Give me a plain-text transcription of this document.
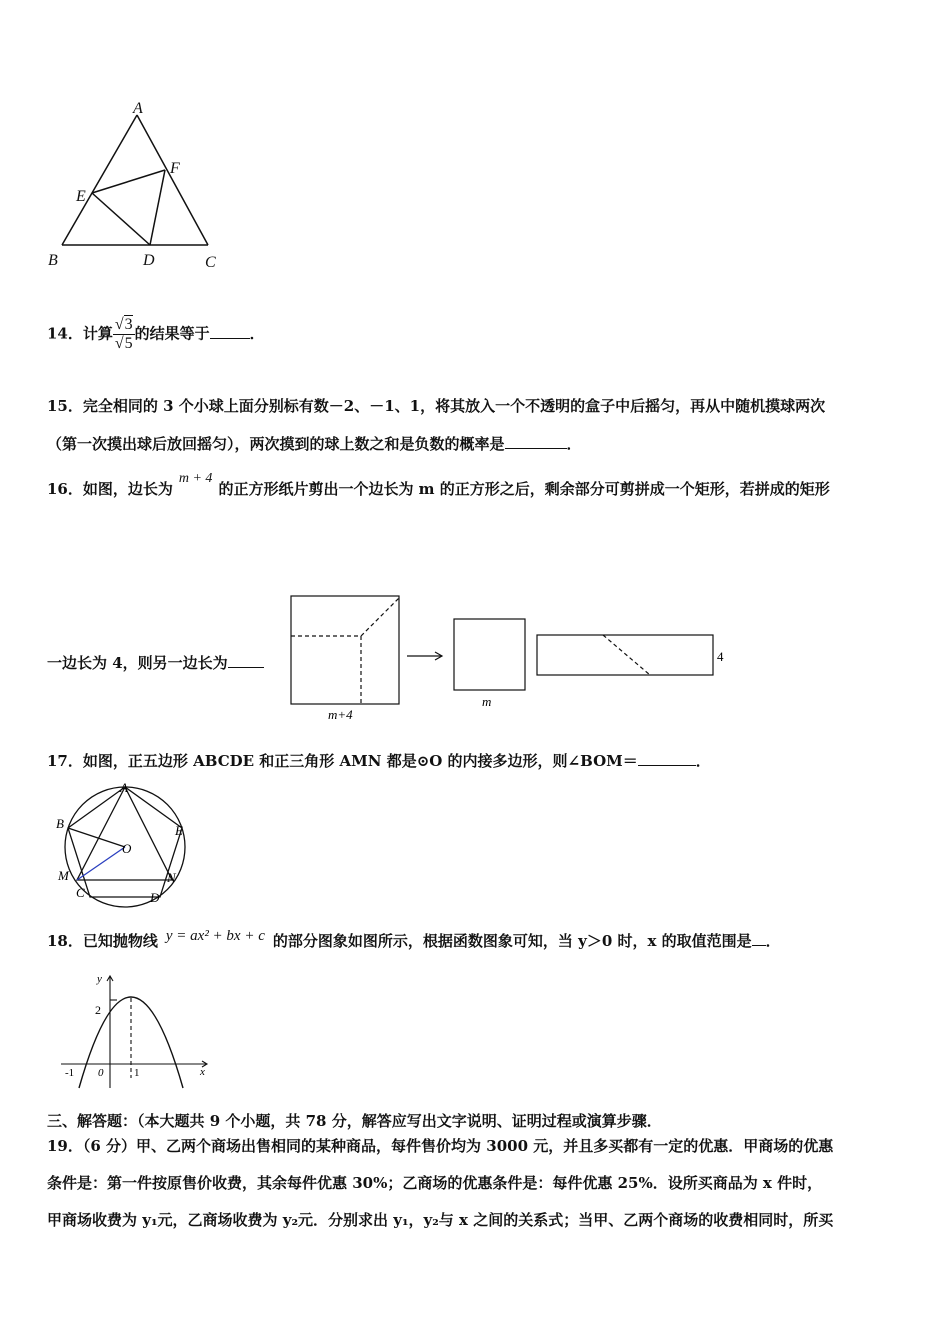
A
B	C
D
E
F
14．计算 $\frac{√3}{√5}$ 的结果等于	．
15．完全相同的 3 个小球上面分别标有数－2、－1、1，将其放入一个不透明的盒子中后摇匀，再从中随机摸球两次
（第一次摸出球后放回摇匀），两次摸到的球上数之和是负数的概率是	．
16．如图，边长为m + 4的正方形纸片剪出一个边长为 m 的正方形之后，剩余部分可剪拼成一个矩形，若拼成的矩形
一边长为 4，则另一边长为
m+4
m
4
17．如图，正五边形 ABCDE 和正三角形 AMN 都是⊙O 的内接多边形，则∠BOM＝	．
A
B
C	D
E
M	N
O
18．已知抛物线 y = ax² + bx + c 的部分图象如图所示，根据函数图象可知，当 y＞0 时，x 的取值范围是 ．
y
x
2
-1 0	1
三、解答题：（本大题共 9 个小题，共 78 分，解答应写出文字说明、证明过程或演算步骤．
19．（6 分）甲、乙两个商场出售相同的某种商品，每件售价均为 3000 元，并且多买都有一定的优惠．甲商场的优惠
条件是：第一件按原售价收费，其余每件优惠 30%；乙商场的优惠条件是：每件优惠 25%．设所买商品为 x 件时，
甲商场收费为 y₁元，乙商场收费为 y₂元．分别求出 y₁，y₂与 x 之间的关系式；当甲、乙两个商场的收费相同时，所买
